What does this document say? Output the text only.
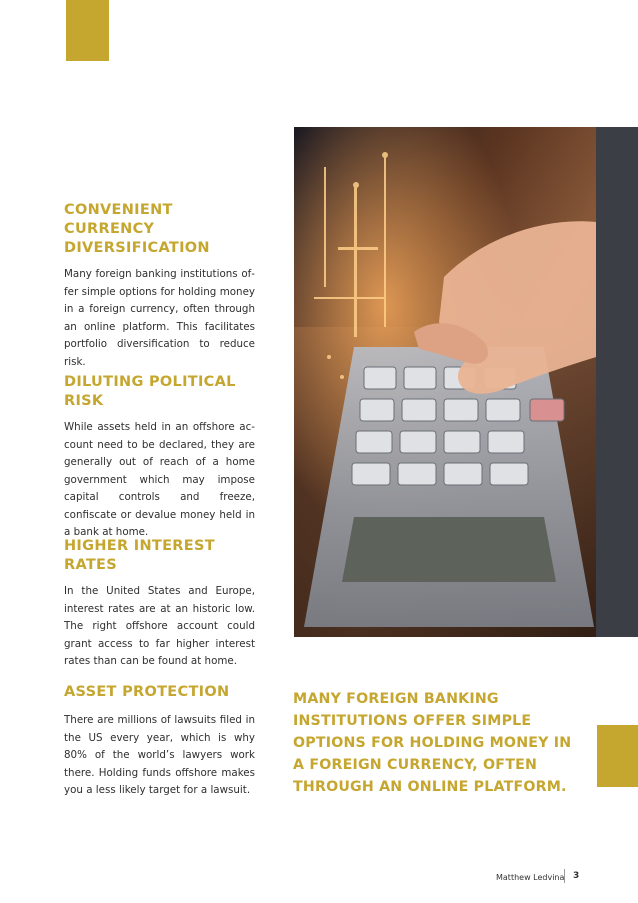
CONVENIENT
CURRENCY
DIVERSIFICATION

Many foreign banking institutions offer simple options for holding money in a foreign currency, often through an online platform. This facilitates portfolio diversification to reduce risk.

DILUTING POLITICAL
RISK

While assets held in an offshore account need to be declared, they are generally out of reach of a home government which may impose capital controls and freeze, confiscate or devalue money held in a bank at home.

HIGHER INTEREST
RATES

In the United States and Europe, interest rates are at an historic low. The right offshore account could grant access to far higher interest rates than can be found at home.

ASSET PROTECTION

There are millions of lawsuits filed in the US every year, which is why 80% of the world’s lawyers work there. Holding funds offshore makes you a less likely target for a lawsuit.

MANY FOREIGN BANKING INSTITUTIONS OFFER SIMPLE OPTIONS FOR HOLDING MONEY IN A FOREIGN CURRENCY, OFTEN THROUGH AN ONLINE PLATFORM.
Matthew Ledvina 3
